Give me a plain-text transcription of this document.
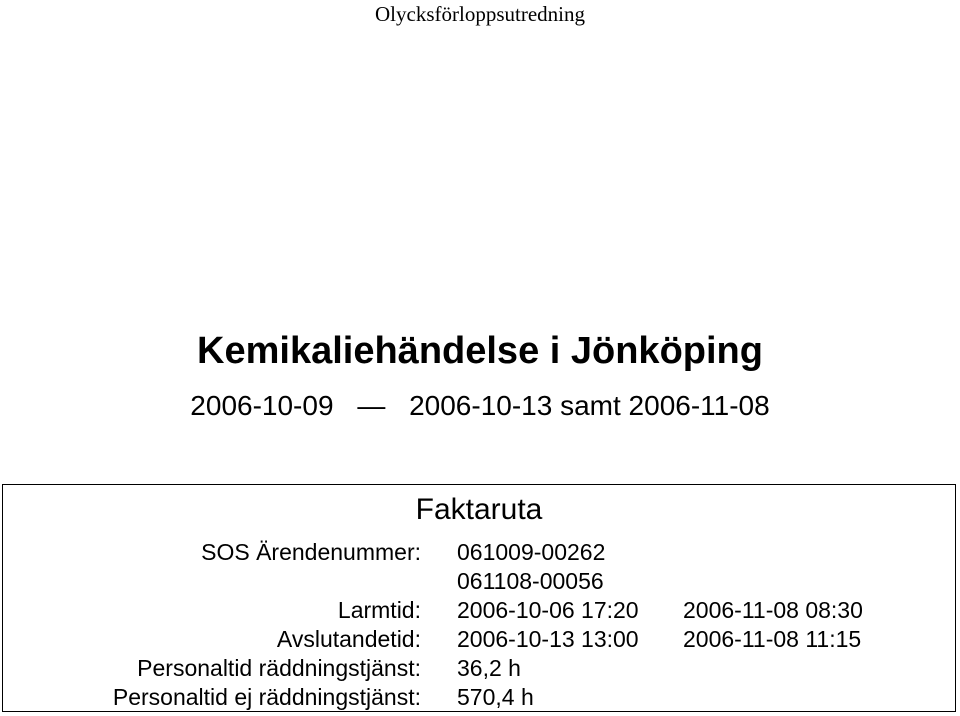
Olycksförloppsutredning
Kemikaliehändelse i Jönköping
2006-10-09 — 2006-10-13 samt 2006-11-08
Faktaruta
SOS Ärendenummer: 061009-00262
061108-00056
Larmtid: 2006-10-06 17:20 2006-11-08 08:30
Avslutandetid: 2006-10-13 13:00 2006-11-08 11:15
Personaltid räddningstjänst: 36,2 h
Personaltid ej räddningstjänst: 570,4 h
